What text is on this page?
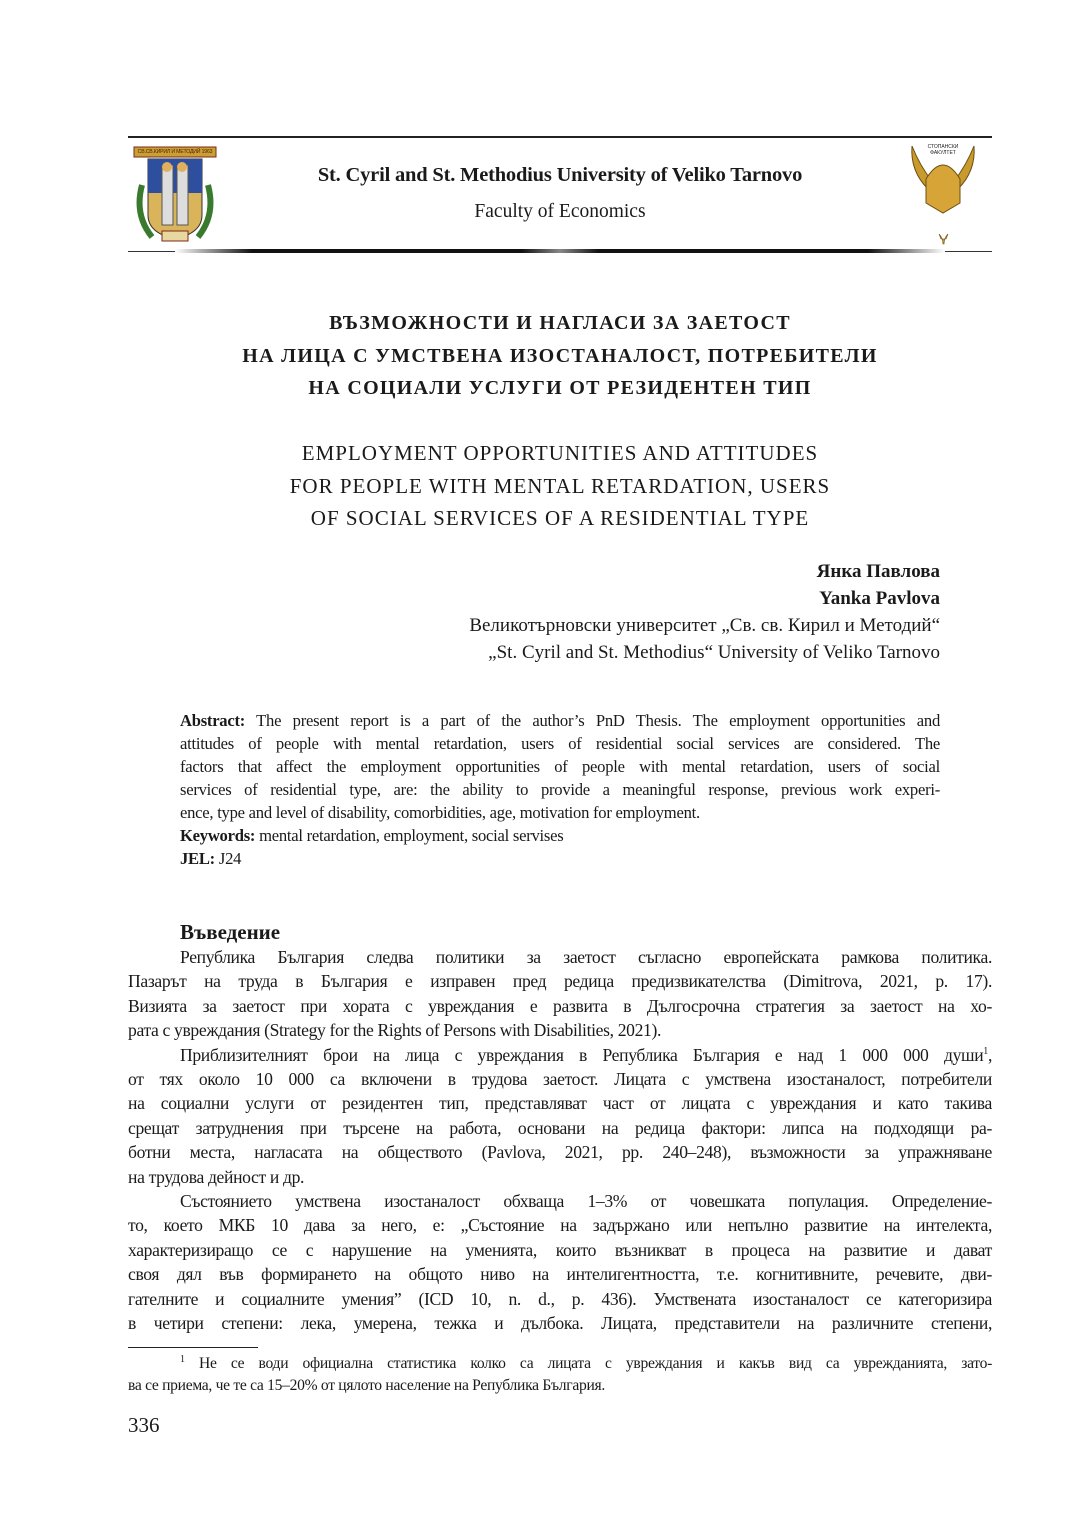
СВ.СВ.КИРИЛ И МЕТОДИЙ 1963
St. Cyril and St. Methodius University of Veliko Tarnovo
Faculty of Economics
СТОПАНСКИ
ФАКУЛТЕТ
ВЪЗМОЖНОСТИ И НАГЛАСИ ЗА ЗАЕТОСТ
НА ЛИЦА С УМСТВЕНА ИЗОСТАНАЛОСТ, ПОТРЕБИТЕЛИ
НА СОЦИАЛИ УСЛУГИ ОТ РЕЗИДЕНТЕН ТИП
EMPLOYMENT OPPORTUNITIES AND ATTITUDES
FOR PEOPLE WITH MENTAL RETARDATION, USERS
OF SOCIAL SERVICES OF A RESIDENTIAL TYPE
Янка Павлова
Yanka Pavlova
Великотърновски университет „Св. св. Кирил и Методий“
„St. Cyril and St. Methodius“ University of Veliko Tarnovo
Abstract: The present report is a part of the author’s PnD Thesis. The employment opportunities and
attitudes of people with mental retardation, users of residential social services are considered. The
factors that affect the employment opportunities of people with mental retardation, users of social
services of residential type, are: the ability to provide a meaningful response, previous work experi-
ence, type and level of disability, comorbidities, age, motivation for employment.
Keywords: mental retardation, employment, social servises
JEL: J24
Въведение
Република България следва политики за заетост съгласно европейската рамкова политика.
Пазарът на труда в България е изправен пред редица предизвикателства (Dimitrova, 2021, p. 17).
Визията за заетост при хората с увреждания е развита в Дългосрочна стратегия за заетост на хо-
рата с увреждания (Strategy for the Rights of Persons with Disabilities, 2021).
Приблизителният брои на лица с увреждания в Република България е над 1 000 000 души$^1$,
от тях около 10 000 са включени в трудова заетост. Лицата с умствена изостаналост, потребители
на социални услуги от резидентен тип, представляват част от лицата с увреждания и като такива
срещат затруднения при търсене на работа, основани на редица фактори: липса на подходящи ра-
ботни места, нагласата на обществото (Pavlova, 2021, pp. 240–248), възможности за упражняване
на трудова дейност и др.
Състоянието умствена изостаналост обхваща 1–3% от човешката популация. Определение-
то, което МКБ 10 дава за него, е: „Състояние на задържано или непълно развитие на интелекта,
характеризиращо се с нарушение на уменията, които възникват в процеса на развитие и дават
своя дял във формирането на общото ниво на интелигентността, т.е. когнитивните, речевите, дви-
гателните и социалните умения” (ICD 10, n. d., p. 436). Умствената изостаналост се категоризира
в четири степени: лека, умерена, тежка и дълбока. Лицата, представители на различните степени,
$^1$ Не се води официална статистика колко са лицата с увреждания и какъв вид са уврежданията, зато-
ва се приема, че те са 15–20% от цялото население на Република България.
336
